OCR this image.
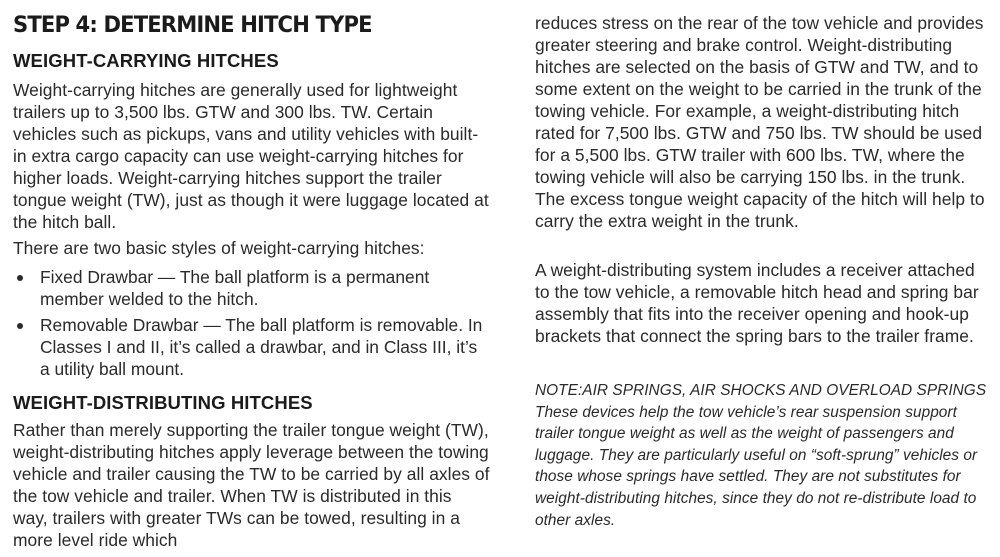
STEP 4: DETERMINE HITCH TYPE
WEIGHT-CARRYING HITCHES

Weight-carrying hitches are generally used for lightweight trailers up to 3,500 lbs. GTW and 300 lbs. TW. Certain vehicles such as pickups, vans and utility vehicles with built-in extra cargo capacity can use weight-carrying hitches for higher loads. Weight-carrying hitches support the trailer tongue weight (TW), just as though it were luggage located at the hitch ball.

There are two basic styles of weight-carrying hitches:

Fixed Drawbar — The ball platform is a permanent member welded to the hitch.
Removable Drawbar — The ball platform is removable. In Classes I and II, it’s called a drawbar, and in Class III, it’s a utility ball mount.
WEIGHT-DISTRIBUTING HITCHES

Rather than merely supporting the trailer tongue weight (TW), weight-distributing hitches apply leverage between the towing vehicle and trailer causing the TW to be carried by all axles of the tow vehicle and trailer. When TW is distributed in this way, trailers with greater TWs can be towed, resulting in a more level ride which

reduces stress on the rear of the tow vehicle and provides greater steering and brake control. Weight-distributing hitches are selected on the basis of GTW and TW, and to some extent on the weight to be carried in the trunk of the towing vehicle. For example, a weight-distributing hitch rated for 7,500 lbs. GTW and 750 lbs. TW should be used for a 5,500 lbs. GTW trailer with 600 lbs. TW, where the towing vehicle will also be carrying 150 lbs. in the trunk. The excess tongue weight capacity of the hitch will help to carry the extra weight in the trunk.

A weight-distributing system includes a receiver attached to the tow vehicle, a removable hitch head and spring bar assembly that fits into the receiver opening and hook-up brackets that connect the spring bars to the trailer frame.

NOTE:AIR SPRINGS, AIR SHOCKS AND OVERLOAD SPRINGS These devices help the tow vehicle’s rear suspension support trailer tongue weight as well as the weight of passengers and luggage. They are particularly useful on “soft-sprung” vehicles or those whose springs have settled. They are not substitutes for weight-distributing hitches, since they do not re-distribute load to other axles.
